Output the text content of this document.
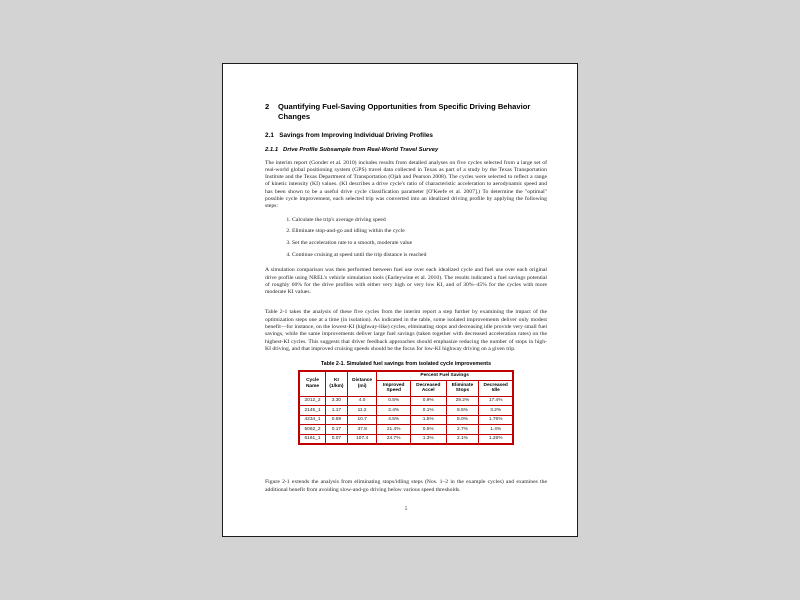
2	Quantifying Fuel-Saving Opportunities from Specific Driving Behavior Changes
2.1   Savings from Improving Individual Driving Profiles
2.1.1   Drive Profile Subsample from Real-World Travel Survey

The interim report (Gonder et al. 2010) includes results from detailed analyses on five cycles selected from a large set of real-world global positioning system (GPS) travel data collected in Texas as part of a study by the Texas Transportation Institute and the Texas Department of Transportation (Ojah and Pearson 2008). The cycles were selected to reflect a range of kinetic intensity (KI) values. (KI describes a drive cycle's ratio of characteristic acceleration to aerodynamic speed and has been shown to be a useful drive cycle classification parameter [O'Keefe et al. 2007].) To determine the "optimal" possible cycle improvement, each selected trip was converted into an idealized driving profile by applying the following steps:

1. Calculate the trip's average driving speed
2. Eliminate stop-and-go and idling within the cycle
3. Set the acceleration rate to a smooth, moderate value
4. Continue cruising at speed until the trip distance is reached

A simulation comparison was then performed between fuel use over each idealized cycle and fuel use over each original drive profile using NREL's vehicle simulation tools (Earleywine et al. 2010). The results indicated a fuel savings potential of roughly 60% for the drive profiles with either very high or very low KI, and of 30%–45% for the cycles with more moderate KI values.

Table 2-1 takes the analysis of these five cycles from the interim report a step further by examining the impact of the optimization steps one at a time (in isolation). As indicated in the table, some isolated improvements deliver only modest benefit—for instance, on the lowest-KI (highway-like) cycles, eliminating stops and decreasing idle provide very small fuel savings, while the same improvements deliver large fuel savings (taken together with decreased acceleration rates) on the highest-KI cycles. This suggests that driver feedback approaches should emphasize reducing the number of stops in high-KI driving, and that improved cruising speeds should be the focus for low-KI highway driving on a given trip.

Table 2-1. Simulated fuel savings from isolated cycle improvements
Cycle Name	KI (1/km)	Distance (mi)	Percent Fuel Savings			
			Improved Speed	Decreased Accel	Eliminate Stops	Decreased Idle
2012_2	3.30	4.0	0.5%	0.9%	29.2%	17.4%
2145_1	1.17	11.2	2.4%	0.1%	8.5%	3.2%
4234_1	0.59	10.7	4.5%	1.5%	8.0%	1.75%
5062_2	0.17	37.8	21.4%	0.5%	2.7%	1.4%
6161_1	0.07	107.4	24.7%	1.3%	2.1%	1.25%

Figure 2-1 extends the analysis from eliminating stops/idling steps (Nos. 1–2 in the example cycles) and examines the additional benefit from avoiding slow-and-go driving below various speed thresholds.

5
